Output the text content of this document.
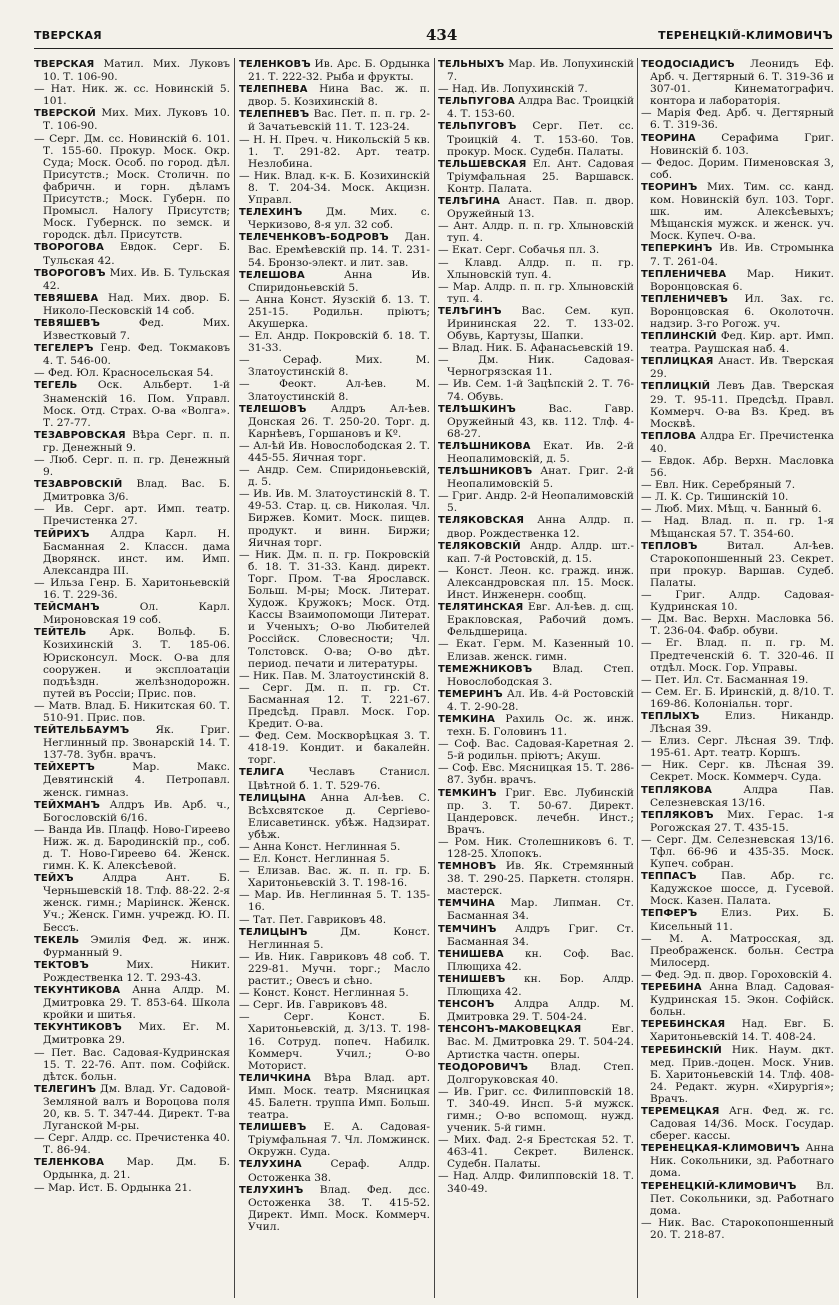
ТВЕРСКАЯ	434	ТЕРЕНЕЦКIЙ-КЛИМОВИЧЪ

ТВЕРСКАЯ Матил. Мих. Луковъ 10. Т. 106-90.

— Нат. Ник. ж. сс. Новинскiй 5. 101.

ТВЕРСКОЙ Мих. Мих. Луковъ 10. Т. 106-90.

— Серг. Дм. сс. Новинскiй 6. 101. Т. 155-60. Прокур. Моск. Окр. Суда; Моск. Особ. по город. дѣл. Присутств.; Моск. Столичн. по фабричн. и горн. дѣламъ Присутств.; Моск. Губерн. по Промысл. Налогу Присутств; Моск. Губернск. по земск. и городск. дѣл. Присутств.

ТВОРОГОВА Евдок. Серг. Б. Тульская 42.

ТВОРОГОВЪ Мих. Ив. Б. Тульская 42.

ТЕВЯШЕВА Над. Мих. двор. Б. Николо-Песковскiй 14 соб.

ТЕВЯШЕВЪ Фед. Мих. Известковый 7.

ТЕГЕЛЕРЪ Генр. Фед. Токмаковъ 4. Т. 546-00.

— Фед. Юл. Красносельская 54.

ТЕГЕЛЬ Оск. Альберт. 1-й Знаменскiй 16. Пом. Управл. Моск. Отд. Страх. О-ва «Волга». Т. 27-77.

ТЕЗАВРОВСКАЯ Вѣра Серг. п. п. гр. Денежный 9.

— Люб. Серг. п. п. гр. Денежный 9.

ТЕЗАВРОВСКIЙ Влад. Вас. Б. Дмитровка 3/6.

— Ив. Серг. арт. Имп. театр. Пречистенка 27.

ТЕЙРИХЪ Алдра Карл. Н. Басманная 2. Классн. дама Дворянск. инст. им. Имп. Александра III.

— Ильза Генр. Б. Харитоньевскiй 16. Т. 229-36.

ТЕЙСМАНЪ Ол. Карл. Мироновская 19 соб.

ТЕЙТЕЛЬ Арк. Вольф. Б. Козихинскiй 3. Т. 185-06. Юрисконсул. Моск. О-ва для сооружен. и эксплоатацiи подъѣздн. желѣзнодорожн. путей въ Россiи; Прис. пов.

— Матв. Влад. Б. Никитская 60. Т. 510-91. Прис. пов.

ТЕЙТЕЛЬБАУМЪ Як. Григ. Неглинный пр. Звонарскiй 14. Т. 137-78. Зубн. врачъ.

ТЕЙХЕРТЪ Мар. Макс. Девятинскiй 4. Петропавл. женск. гимназ.

ТЕЙХМАНЪ Алдръ Ив. Арб. ч., Богословскiй 6/16.

— Ванда Ив. Плацф. Ново-Гиреево Ниж. ж. д. Бародинскiй пр., соб. д. Т. Ново-Гиреево 64. Женск. гимн. К. К. Алексѣевой.

ТЕЙХЪ Алдра Ант. Б. Черньшевскiй 18. Тлф. 88-22. 2-я женск. гимн.; Марiинск. Женск. Уч.; Женск. Гимн. учрежд. Ю. П. Бессъ.

ТЕКЕЛЬ Эмилiя Фед. ж. инж. Фурманный 9.

ТЕКТОВЪ Мих. Никит. Рождественка 12. Т. 293-43.

ТЕКУНТИКОВА Анна Алдр. М. Дмитровка 29. Т. 853-64. Школа кройки и шитья.

ТЕКУНТИКОВЪ Мих. Ег. М. Дмитровка 29.

— Пет. Вас. Садовая-Кудринская 15. Т. 22-76. Апт. пом. Софiйск. дѣтск. больн.

ТЕЛЕГИНЪ Дм. Влад. Уг. Садовой-Земляной валъ и Вороцова поля 20, кв. 5. Т. 347-44. Директ. Т-ва Луганской М-ры.

— Серг. Алдр. сс. Пречистенка 40. Т. 86-94.

ТЕЛЕНКОВА Мар. Дм. Б. Ордынка, д. 21.

— Мар. Ист. Б. Ордынка 21.

ТЕЛЕНКОВЪ Ив. Арс. Б. Ордынка 21. Т. 222-32. Рыба и фрукты.

ТЕЛЕПНЕВА Нина Вас. ж. п. двор. 5. Козихинскiй 8.

ТЕЛЕПНЕВЪ Вас. Пет. п. п. гр. 2-й Зачатьевскiй 11. Т. 123-24.

— Н. Н. Преч. ч. Никольскiй 5 кв. 1. Т. 291-82. Арт. театр. Незлобина.

— Ник. Влад. к-к. Б. Козихинскiй 8. Т. 204-34. Моск. Акцизн. Управл.

ТЕЛЕХИНЪ Дм. Мих. с. Черкизово, 8-я ул. 32 соб.

ТЕЛЕЧЕНКОВЪ-БОДРОВЪ Дан. Вас. Еремѣевскiй пр. 14. Т. 231-54. Бронзо-элект. и лит. зав.

ТЕЛЕШОВА Анна Ив. Спиридоньевскiй 5.

— Анна Конст. Яузскiй б. 13. Т. 251-15. Родильн. прiютъ; Акушерка.

— Ел. Андр. Покровскiй б. 18. Т. 31-33.

— Сераф. Мих. М. Златоустинскiй 8.

— Феокт. Ал-ѣев. М. Златоустинскiй 8.

ТЕЛЕШОВЪ Алдръ Ал-ѣев. Донская 26. Т. 250-20. Торг. д. Карнѣевъ, Горшановъ и Кº.

— Ал-ѣй Ив. Новослободская 2. Т. 445-55. Яичная торг.

— Андр. Сем. Спиридоньевскiй, д. 5.

— Ив. Ив. М. Златоустинскiй 8. Т. 49-53. Стар. ц. св. Николая. Чл. Биржев. Комит. Моск. пищев. продукт. и винн. Биржи; Яичная торг.

— Ник. Дм. п. п. гр. Покровскiй б. 18. Т. 31-33. Канд. директ. Торг. Пром. Т-ва Ярославск. Больш. М-ры; Моск. Литерат. Худож. Кружокъ; Моск. Отд. Кассы Взаимопомощи Литерат. и Ученыхъ; О-во Любителей Россiйск. Словесности; Чл. Толстовск. О-ва; О-во дѣт. период. печати и литературы.

— Ник. Пав. М. Златоустинскiй 8.

— Серг. Дм. п. п. гр. Ст. Басманная 12. Т. 221-67. Предсѣд. Правл. Моск. Гор. Кредит. О-ва.

— Фед. Сем. Москворѣцкая 3. Т. 418-19. Кондит. и бакалейн. торг.

ТЕЛИГА Чеславъ Станисл. Цвѣтной б. 1. Т. 529-76.

ТЕЛИЦЫНА Анна Ал-ѣев. С. Всѣхсвятское д. Сергiево-Елисаветинск. убѣж. Надзират. убѣж.

— Анна Конст. Неглинная 5.

— Ел. Конст. Неглинная 5.

— Елизав. Вас. ж. п. п. гр. Б. Харитоньевскiй 3. Т. 198-16.

— Мар. Ив. Неглинная 5. Т. 135-16.

— Тат. Пет. Гавриковъ 48.

ТЕЛИЦЫНЪ Дм. Конст. Неглинная 5.

— Ив. Ник. Гавриковъ 48 соб. Т. 229-81. Мучн. торг.; Масло растит.; Овесъ и сѣно.

— Конст. Конст. Неглинная 5.

— Серг. Ив. Гавриковъ 48.

— Серг. Конст. Б. Харитоньевскiй, д. 3/13. Т. 198-16. Сотруд. попеч. Набилк. Коммерч. Учил.; О-во Моторист.

ТЕЛИЧКИНА Вѣра Влад. арт. Имп. Моск. театр. Мясницкая 45. Балетн. труппа Имп. Больш. театра.

ТЕЛИШЕВЪ Е. А. Садовая-Трiумфальная 7. Чл. Ломжинск. Окружн. Суда.

ТЕЛУХИНА Сераф. Алдр. Остоженка 38.

ТЕЛУХИНЪ Влад. Фед. дсс. Остоженка 38. Т. 415-52. Директ. Имп. Моск. Коммерч. Учил.

ТЕЛЬНЫХЪ Мар. Ив. Лопухинскiй 7.

— Над. Ив. Лопухинскiй 7.

ТЕЛЬПУГОВА Алдра Вас. Троицкiй 4. Т. 153-60.

ТЕЛЬПУГОВЪ Серг. Пет. сс. Троицкiй 4. Т. 153-60. Тов. прокур. Моск. Судебн. Палаты.

ТЕЛЬШЕВСКАЯ Ел. Ант. Садовая Трiумфальная 25. Варшавск. Контр. Палата.

ТЕЛѢГИНА Анаст. Пав. п. двор. Оружейный 13.

— Ант. Алдр. п. п. гр. Хлыновскiй туп. 4.

— Екат. Серг. Собачья пл. 3.

— Клавд. Алдр. п. п. гр. Хлыновскiй туп. 4.

— Мар. Алдр. п. п. гр. Хлыновскiй туп. 4.

ТЕЛѢГИНЪ Вас. Сем. куп. Ирининская 22. Т. 133-02. Обувь, Картузы, Шапки.

— Влад. Ник. Б. Афанасьевскiй 19.

— Дм. Ник. Садовая-Черногрязская 11.

— Ив. Сем. 1-й Зацѣпскiй 2. Т. 76-74. Обувь.

ТЕЛѢШКИНЪ Вас. Гавр. Оружейный 43, кв. 112. Тлф. 4-68-27.

ТЕЛѢШНИКОВА Екат. Ив. 2-й Неопалимовскiй, д. 5.

ТЕЛѢШНИКОВЪ Анат. Григ. 2-й Неопалимовскiй 5.

— Григ. Андр. 2-й Неопалимовскiй 5.

ТЕЛЯКОВСКАЯ Анна Алдр. п. двор. Рождественка 12.

ТЕЛЯКОВСКIЙ Андр. Алдр. шт.-кап. 7-й Ростовскiй, д. 15.

— Конст. Леон. кс. гражд. инж. Александровская пл. 15. Моск. Инст. Инженерн. сообщ.

ТЕЛЯТИНСКАЯ Евг. Ал-ѣев. д. сщ. Еракловская, Рабочий домъ. Фельдшерица.

— Екат. Герм. М. Казенный 10. Елизав. женск. гимн.

ТЕМЕЖНИКОВЪ Влад. Степ. Новослободская 3.

ТЕМЕРИНЪ Ал. Ив. 4-й Ростовскiй 4. Т. 2-90-28.

ТЕМКИНА Рахиль Ос. ж. инж. техн. Б. Головинъ 11.

— Соф. Вас. Садовая-Каретная 2. 5-й родильн. прiютъ; Акуш.

— Соф. Евс. Мясницкая 15. Т. 286-87. Зубн. врачъ.

ТЕМКИНЪ Григ. Евс. Лубинскiй пр. 3. Т. 50-67. Директ. Цандеровск. лечебн. Инст.; Врачъ.

— Ром. Ник. Столешниковъ 6. Т. 128-25. Хлопокъ.

ТЕМНОВЪ Ив. Як. Стремянный 38. Т. 290-25. Паркетн. столярн. мастерск.

ТЕМЧИНА Мар. Липман. Ст. Басманная 34.

ТЕМЧИНЪ Алдръ Григ. Ст. Басманная 34.

ТЕНИШЕВА кн. Соф. Вас. Плющиха 42.

ТЕНИШЕВЪ кн. Бор. Алдр. Плющиха 42.

ТЕНСОНЪ Алдра Алдр. М. Дмитровка 29. Т. 504-24.

ТЕНСОНЪ-МАКОВЕЦКАЯ Евг. Вас. М. Дмитровка 29. Т. 504-24. Артистка частн. оперы.

ТЕОДОРОВИЧЪ Влад. Степ. Долгоруковская 40.

— Ив. Григ. сс. Филипповскiй 18. Т. 340-49. Инсп. 5-й мужск. гимн.; О-во вспомощ. нужд. ученик. 5-й гимн.

— Мих. Фад. 2-я Брестская 52. Т. 463-41. Секрет. Виленск. Судебн. Палаты.

— Над. Алдр. Филипповскiй 18. Т. 340-49.

ТЕОДОСIАДИСЪ Леонидъ Еф. Арб. ч. Дегтярный 6. Т. 319-36 и 307-01. Кинематографич. контора и лабораторiя.

— Марiя Фед. Арб. ч. Дегтярный 6. Т. 319-36.

ТЕОРИНА Серафима Григ. Новинскiй б. 103.

— Федос. Дорим. Пименовская 3, соб.

ТЕОРИНЪ Мих. Тим. сс. канд. ком. Новинскiй бул. 103. Торг. шк. им. Алексѣевыхъ; Мѣщанскiя мужск. и женск. уч. Моск. Купеч. О-ва.

ТЕПЕРКИНЪ Ив. Ив. Стромынка 7. Т. 261-04.

ТЕПЛЕНИЧЕВА Мар. Никит. Воронцовская 6.

ТЕПЛЕНИЧЕВЪ Ил. Зах. гс. Воронцовская 6. Околоточн. надзир. 3-го Рогож. уч.

ТЕПЛИНСКIЙ Фед. Кир. арт. Имп. театра. Раушская наб. 4.

ТЕПЛИЦКАЯ Анаст. Ив. Тверская 29.

ТЕПЛИЦКIЙ Левъ Дав. Тверская 29. Т. 95-11. Предсѣд. Правл. Коммерч. О-ва Вз. Кред. въ Москвѣ.

ТЕПЛОВА Алдра Ег. Пречистенка 40.

— Евдок. Абр. Верхн. Масловка 56.

— Евл. Ник. Серебряный 7.

— Л. К. Ср. Тишинскiй 10.

— Люб. Мих. Мѣщ. ч. Банный 6.

— Над. Влад. п. п. гр. 1-я Мѣщанская 57. Т. 354-60.

ТЕПЛОВЪ Витал. Ал-ѣев. Старокопоншенный 23. Секрет. при прокур. Варшав. Судеб. Палаты.

— Григ. Алдр. Садовая-Кудринская 10.

— Дм. Вас. Верхн. Масловка 56. Т. 236-04. Фабр. обуви.

— Ег. Влад. п. п. гр. М. Предтеченскiй 6. Т. 320-46. II отдѣл. Моск. Гор. Управы.

— Пет. Ил. Ст. Басманная 19.

— Сем. Ег. Б. Иринскiй, д. 8/10. Т. 169-86. Колонiальн. торг.

ТЕПЛЫХЪ Елиз. Никандр. Лѣсная 39.

— Елиз. Серг. Лѣсная 39. Тлф. 195-61. Арт. театр. Коршъ.

— Ник. Серг. кв. Лѣсная 39. Секрет. Моск. Коммерч. Суда.

ТЕПЛЯКОВА Алдра Пав. Селезневская 13/16.

ТЕПЛЯКОВЪ Мих. Герас. 1-я Рогожская 27. Т. 435-15.

— Серг. Дм. Селезневская 13/16. Тфл. 66-96 и 435-35. Моск. Купеч. собран.

ТЕППАСЪ Пав. Абр. гс. Кадужское шоссе, д. Гусевой. Моск. Казен. Палата.

ТЕПФЕРЪ Елиз. Рих. Б. Кисельный 11.

— М. А. Матросская, зд. Преображенск. больн. Сестра Милосерд.

— Фед. Эд. п. двор. Гороховскiй 4.

ТЕРЕБИНА Анна Влад. Садовая-Кудринская 15. Экон. Софiйск. больн.

ТЕРЕБИНСКАЯ Над. Евг. Б. Харитоньевскiй 14. Т. 408-24.

ТЕРЕБИНСКIЙ Ник. Наум. дкт. мед. Прив.-доцен. Моск. Унив. Б. Харитоньевскiй 14. Тлф. 408-24. Редакт. журн. «Хирургiя»; Врачъ.

ТЕРЕМЕЦКАЯ Агн. Фед. ж. гс. Садовая 14/36. Моск. Государ. сберег. кассы.

ТЕРЕНЕЦКАЯ-КЛИМОВИЧЪ Анна Ник. Сокольники, зд. Работнаго дома.

ТЕРЕНЕЦКIЙ-КЛИМОВИЧЪ Вл. Пет. Сокольники, зд. Работнаго дома.

— Ник. Вас. Старокопоншенный 20. Т. 218-87.
